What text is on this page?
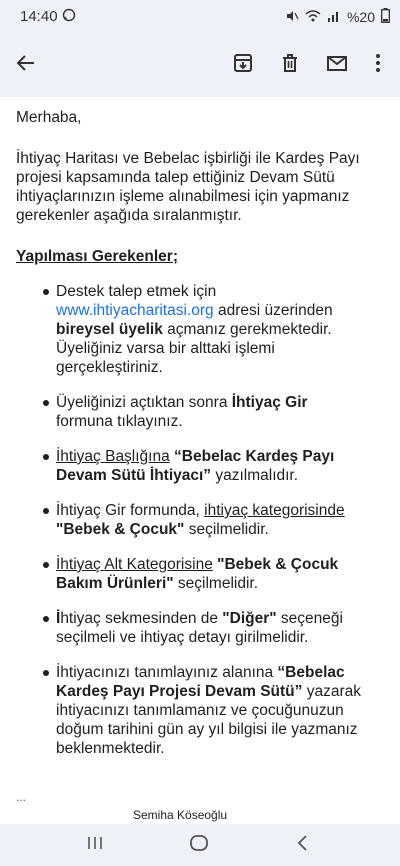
14:40	%20

Merhaba,

İhtiyaç Haritası ve Bebelac işbirliği ile Kardeş Payı projesi kapsamında talep ettiğiniz Devam Sütü ihtiyaçlarınızın işleme alınabilmesi için yapmanız gerekenler aşağıda sıralanmıştır.

Yapılması Gerekenler;

Destek talep etmek için www.ihtiyacharitasi.org adresi üzerinden bireysel üyelik açmanız gerekmektedir. Üyeliğiniz varsa bir alttaki işlemi gerçekleştiriniz.
Üyeliğinizi açtıktan sonra İhtiyaç Gir formuna tıklayınız.
İhtiyaç Başlığına “Bebelac Kardeş Payı Devam Sütü İhtiyacı” yazılmalıdır.
İhtiyaç Gir formunda, ihtiyaç kategorisinde "Bebek & Çocuk" seçilmelidir.
İhtiyaç Alt Kategorisine "Bebek & Çocuk Bakım Ürünleri" seçilmelidir.
İhtiyaç sekmesinden de "Diğer" seçeneği seçilmeli ve ihtiyaç detayı girilmelidir.
İhtiyacınızı tanımlayınız alanına “Bebelac Kardeş Payı Projesi Devam Sütü” yazarak ihtiyacınızı tanımlamanız ve çocuğunuzun doğum tarihini gün ay yıl bilgisi ile yazmanız beklenmektedir.
...
Semiha Köseoğlu
